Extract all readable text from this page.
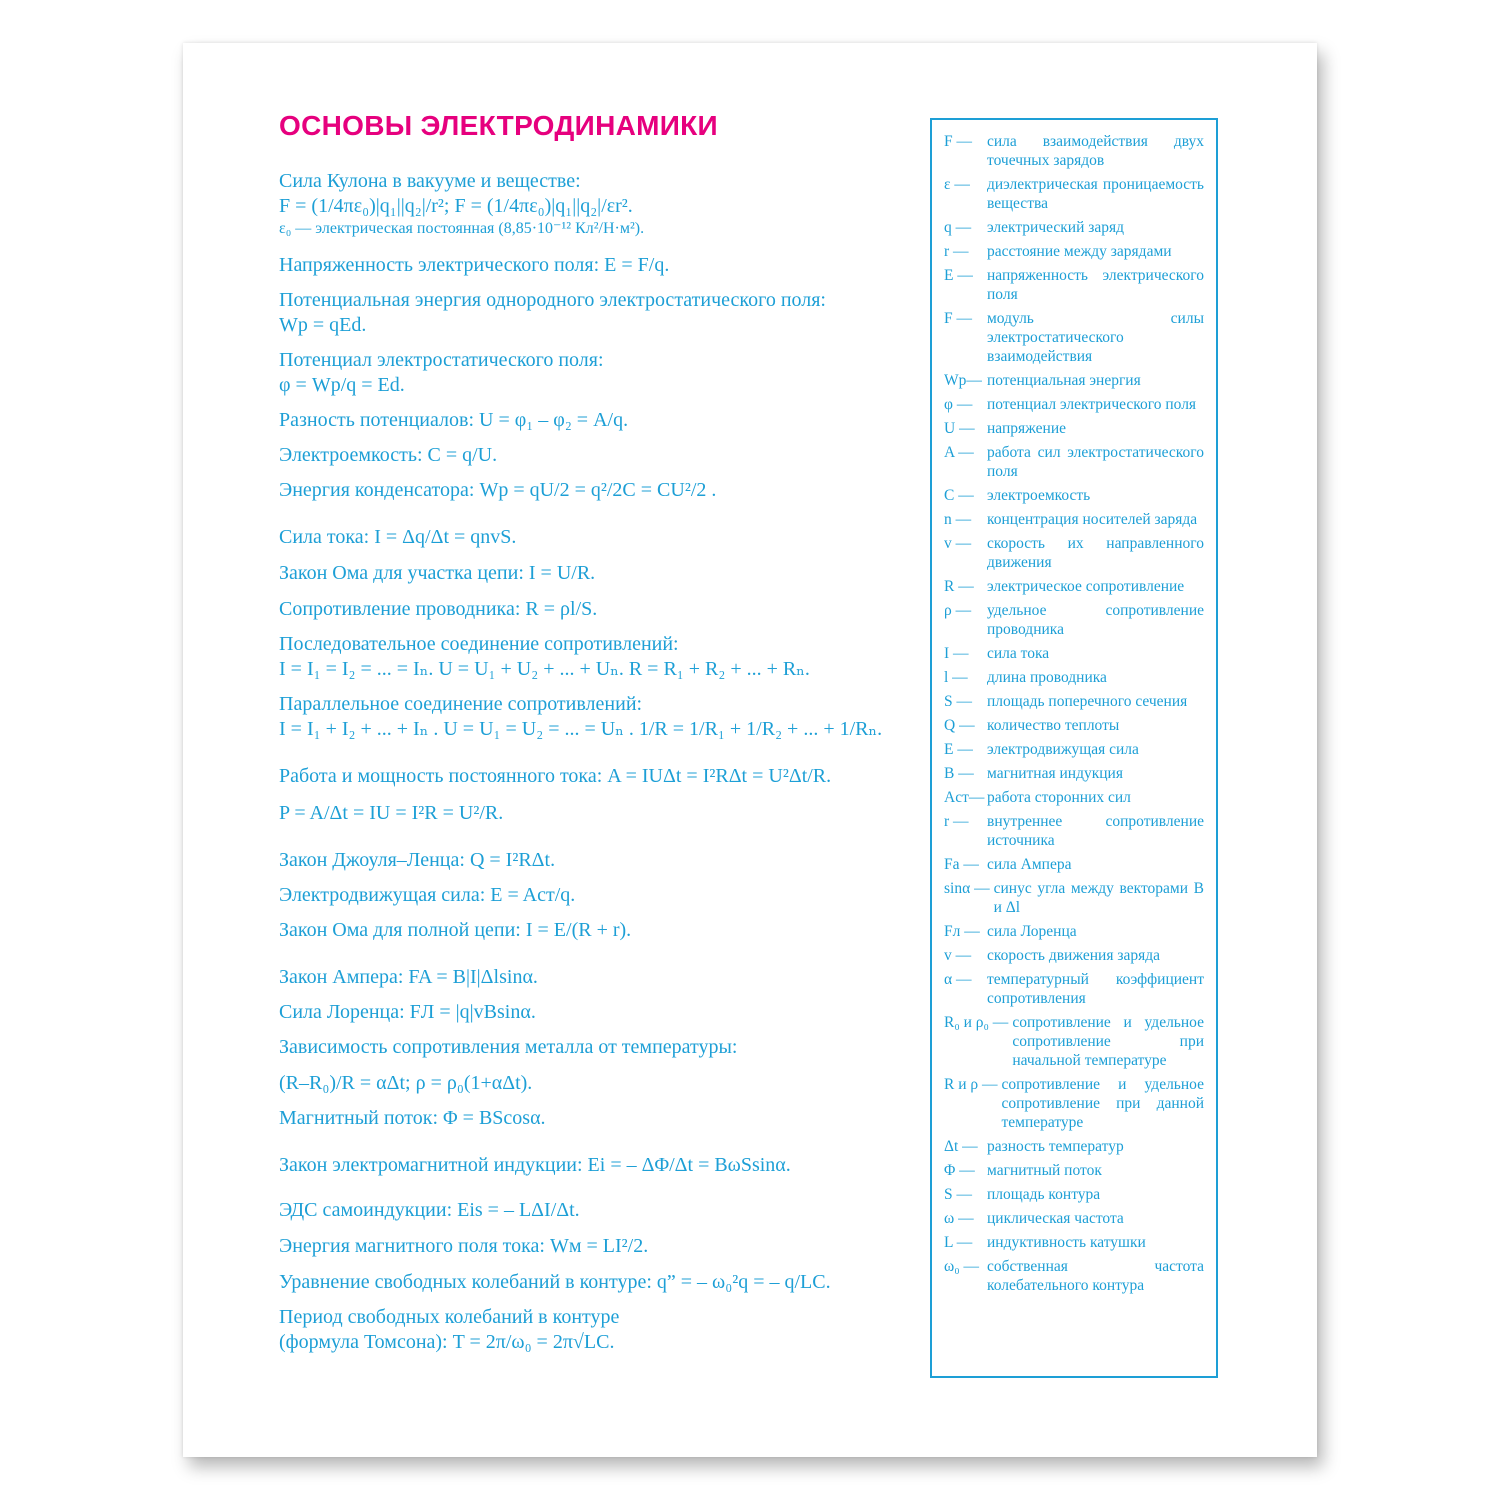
ОСНОВЫ ЭЛЕКТРОДИНАМИКИ
Сила Кулона в вакууме и веществе:
F = (1/4πε₀)|q₁||q₂|/r²; F = (1/4πε₀)|q₁||q₂|/εr².
ε₀ — электрическая постоянная (8,85·10⁻¹² Кл²/Н·м²).
Напряженность электрического поля: E = F/q.
Потенциальная энергия однородного электростатического поля:
Wp = qEd.
Потенциал электростатического поля:
φ = Wp/q = Ed.
Разность потенциалов: U = φ₁ – φ₂ = A/q.
Электроемкость: C = q/U.
Энергия конденсатора: Wp = qU/2 = q²/2C = CU²/2 .
Сила тока: I = Δq/Δt = qnvS.
Закон Ома для участка цепи: I = U/R.
Сопротивление проводника: R = ρl/S.
Последовательное соединение сопротивлений:
I = I₁ = I₂ = ... = Iₙ. U = U₁ + U₂ + ... + Uₙ. R = R₁ + R₂ + ... + Rₙ.
Параллельное соединение сопротивлений:
I = I₁ + I₂ + ... + Iₙ . U = U₁ = U₂ = ... = Uₙ . 1/R = 1/R₁ + 1/R₂ + ... + 1/Rₙ.
Работа и мощность постоянного тока: A = IUΔt = I²RΔt = U²Δt/R.
P = A/Δt = IU = I²R = U²/R.
Закон Джоуля–Ленца: Q = I²RΔt.
Электродвижущая сила: E = Aст/q.
Закон Ома для полной цепи: I = E/(R + r).
Закон Ампера: FA = B|I|Δlsinα.
Сила Лоренца: FЛ = |q|vBsinα.
Зависимость сопротивления металла от температуры:
(R–R₀)/R = αΔt; ρ = ρ₀(1+αΔt).
Магнитный поток: Φ = BScosα.
Закон электромагнитной индукции: Ei = – ΔΦ/Δt = BωSsinα.
ЭДС самоиндукции: Eis = – LΔI/Δt.
Энергия магнитного поля тока: Wм = LI²/2.
Уравнение свободных колебаний в контуре: q” = – ω₀²q = – q/LC.
Период свободных колебаний в контуре
(формула Томсона): T = 2π/ω₀ = 2π√LC.
F — сила взаимодействия двух точечных зарядов
ε —	диэлектрическая проницаемость вещества
q —	электрический заряд
r —	расстояние между зарядами
E — напряженность электрического поля
F — модуль силы электростатического взаимодействия
Wp— потенциальная энергия
φ — потенциал электрического поля
U — напряжение
A — работа сил электростатического поля
C — электроемкость
n —	концентрация носителей заряда
v —	скорость их направленного движения
R — электрическое сопротивление
ρ —	удельное сопротивление проводника
I —	сила тока
l —	длина проводника
S — площадь поперечного сечения
Q — количество теплоты
E — электродвижущая сила
B — магнитная индукция
Aст— работа сторонних сил
r —	внутреннее сопротивление источника
Fa — сила Ампера
sinα — синус угла между векторами B и Δl
Fл — сила Лоренца
v —	скорость движения заряда
α —	температурный коэффициент сопротивления
R₀ и ρ₀ — сопротивление и удельное сопротивление при начальной температуре
R и ρ — сопротивление и удельное сопротивление при данной температуре
Δt — разность температур
Φ — магнитный поток
S — площадь контура
ω — циклическая частота
L — индуктивность катушки
ω₀ — собственная частота колебательного контура
